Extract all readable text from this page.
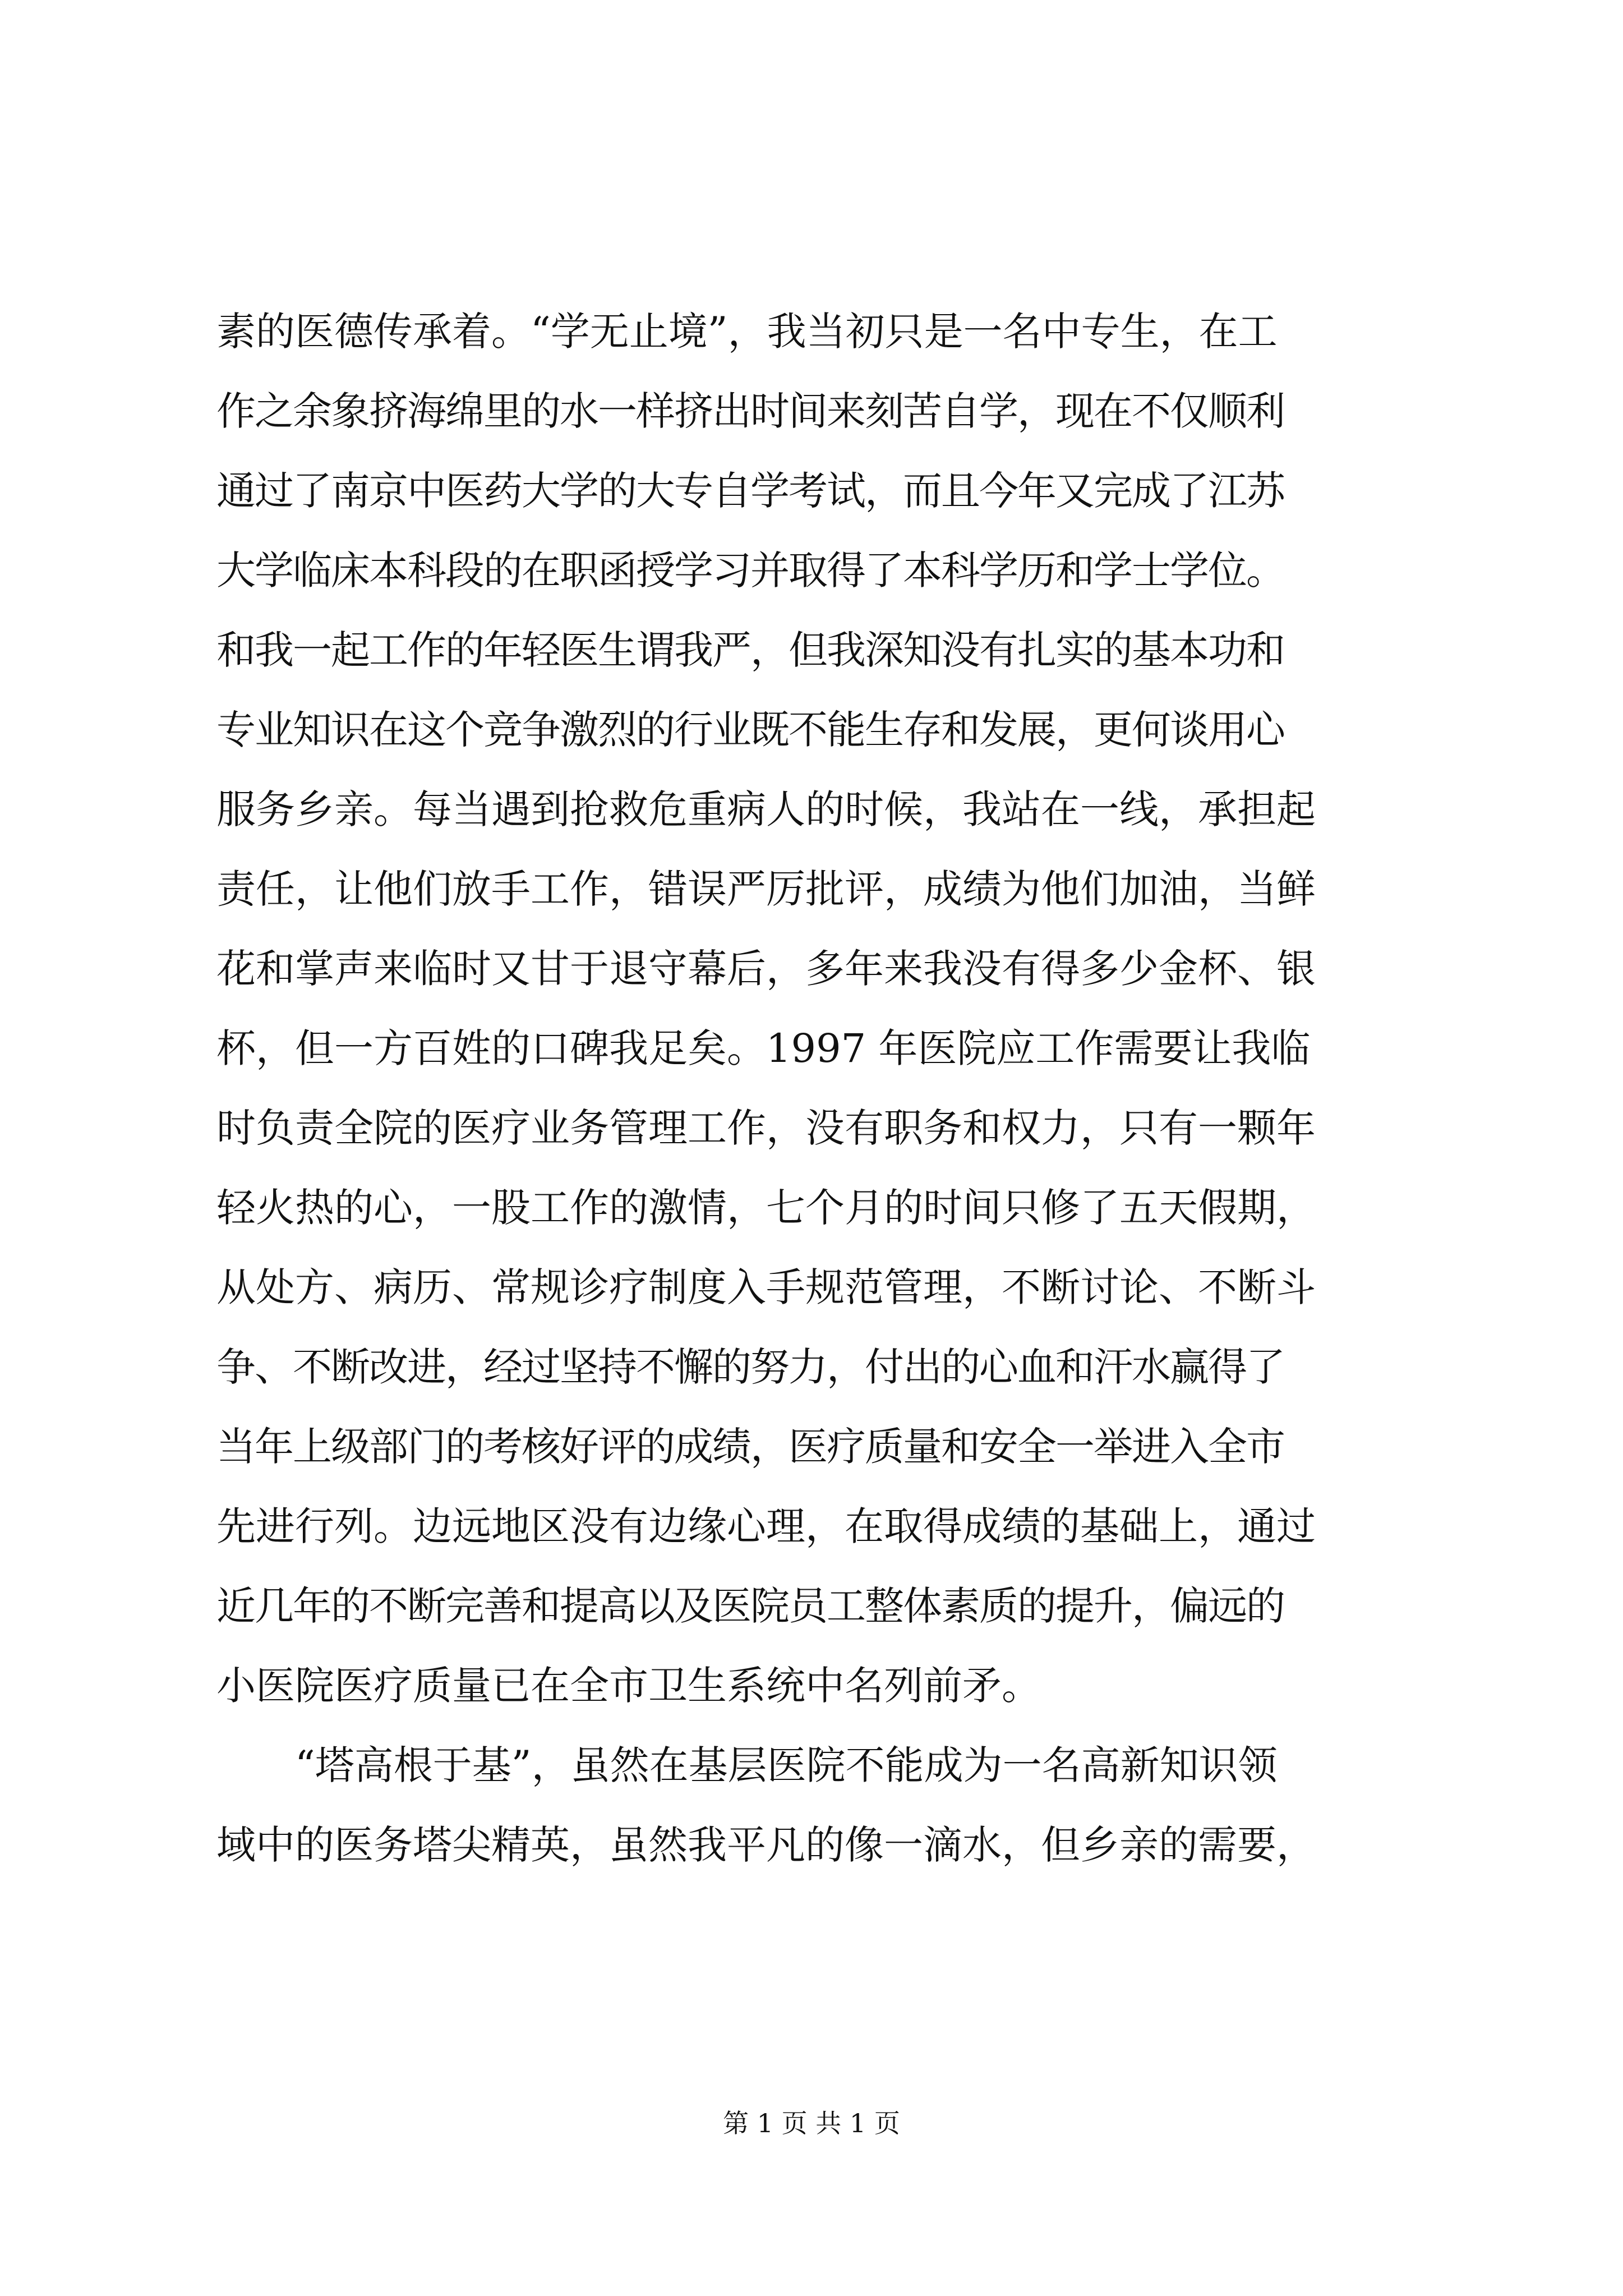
素的医德传承着。“学无止境”，我当初只是一名中专生，在工
作之余象挤海绵里的水一样挤出时间来刻苦自学，现在不仅顺利
通过了南京中医药大学的大专自学考试，而且今年又完成了江苏
大学临床本科段的在职函授学习并取得了本科学历和学士学位。
和我一起工作的年轻医生谓我严，但我深知没有扎实的基本功和
专业知识在这个竞争激烈的行业既不能生存和发展，更何谈用心
服务乡亲。每当遇到抢救危重病人的时候，我站在一线，承担起
责任，让他们放手工作，错误严厉批评，成绩为他们加油，当鲜
花和掌声来临时又甘于退守幕后，多年来我没有得多少金杯、银
杯，但一方百姓的口碑我足矣。1997 年医院应工作需要让我临
时负责全院的医疗业务管理工作，没有职务和权力，只有一颗年
轻火热的心，一股工作的激情，七个月的时间只修了五天假期，
从处方、病历、常规诊疗制度入手规范管理，不断讨论、不断斗
争、不断改进，经过坚持不懈的努力，付出的心血和汗水赢得了
当年上级部门的考核好评的成绩，医疗质量和安全一举进入全市
先进行列。边远地区没有边缘心理，在取得成绩的基础上，通过
近几年的不断完善和提高以及医院员工整体素质的提升，偏远的
小医院医疗质量已在全市卫生系统中名列前矛。
“塔高根于基”，虽然在基层医院不能成为一名高新知识领
域中的医务塔尖精英，虽然我平凡的像一滴水，但乡亲的需要，
第 1 页 共 1 页
